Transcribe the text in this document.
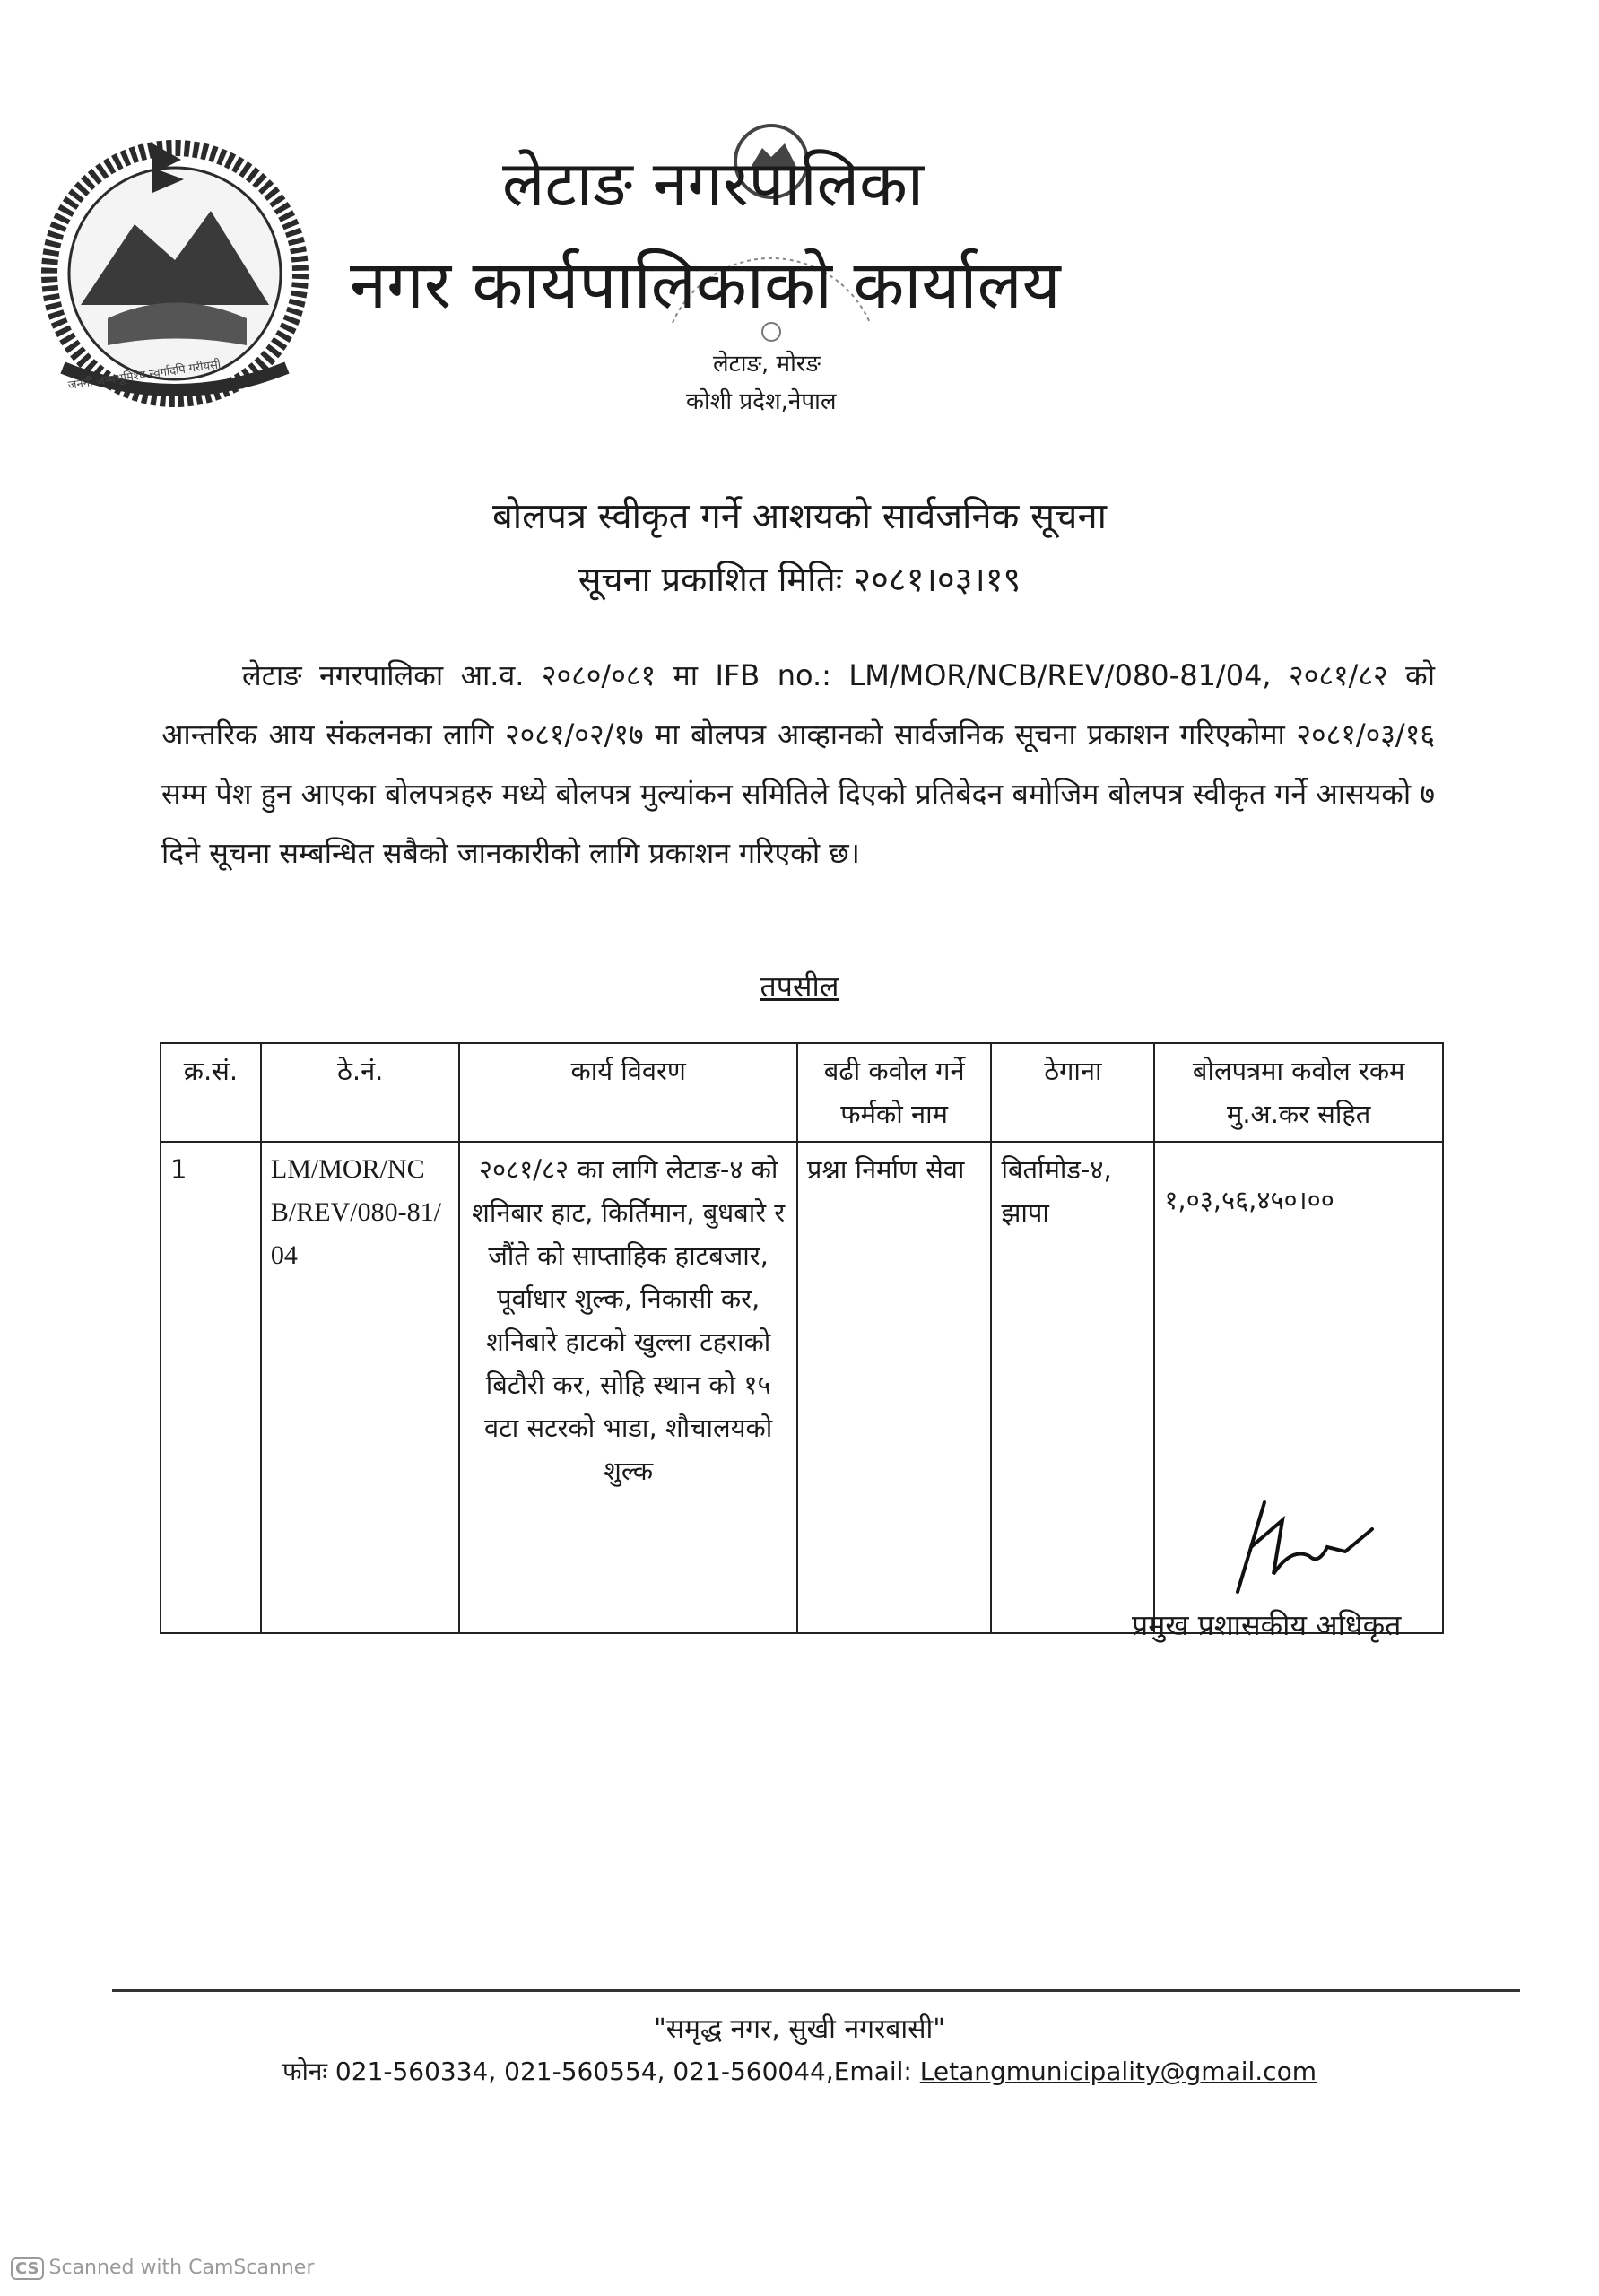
जननी जन्मभूमिश्च स्वर्गादपि गरीयसी
लेटाङ नगरपालिका
नगर कार्यपालिकाको कार्यालय
लेटाङ, मोरङ
कोशी प्रदेश,नेपाल
बोलपत्र स्वीकृत गर्ने आशयको सार्वजनिक सूचना
सूचना प्रकाशित मितिः २०८१।०३।१९
लेटाङ नगरपालिका आ.व. २०८०/०८१ मा IFB no.: LM/MOR/NCB/REV/080-81/04, २०८१/८२ को आन्तरिक आय संकलनका लागि २०८१/०२/१७ मा बोलपत्र आव्हानको सार्वजनिक सूचना प्रकाशन गरिएकोमा २०८१/०३/१६ सम्म पेश हुन आएका बोलपत्रहरु मध्ये बोलपत्र मुल्यांकन समितिले दिएको प्रतिबेदन बमोजिम बोलपत्र स्वीकृत गर्ने आसयको ७ दिने सूचना सम्बन्धित सबैको जानकारीको लागि प्रकाशन गरिएको छ।
तपसील
क्र.सं.	ठे.नं.	कार्य विवरण	बढी कवोल गर्ने फर्मको नाम	ठेगाना	बोलपत्रमा कवोल रकम मु.अ.कर सहित
1	LM/MOR/NCB/REV/080-81/04	२०८१/८२ का लागि लेटाङ-४ को शनिबार हाट, किर्तिमान, बुधबारे र जौंते को साप्ताहिक हाटबजार, पूर्वाधार शुल्क, निकासी कर, शनिबारे हाटको खुल्ला टहराको बिटौरी कर, सोहि स्थान को १५ वटा सटरको भाडा, शौचालयको शुल्क	प्रश्ना निर्माण सेवा	बिर्तामोड-४, झापा	१,०३,५६,४५०।००
प्रमुख प्रशासकीय अधिकृत
"समृद्ध नगर, सुखी नगरबासी"
फोनः 021-560334, 021-560554, 021-560044,Email: Letangmunicipality@gmail.com
CS Scanned with CamScanner
